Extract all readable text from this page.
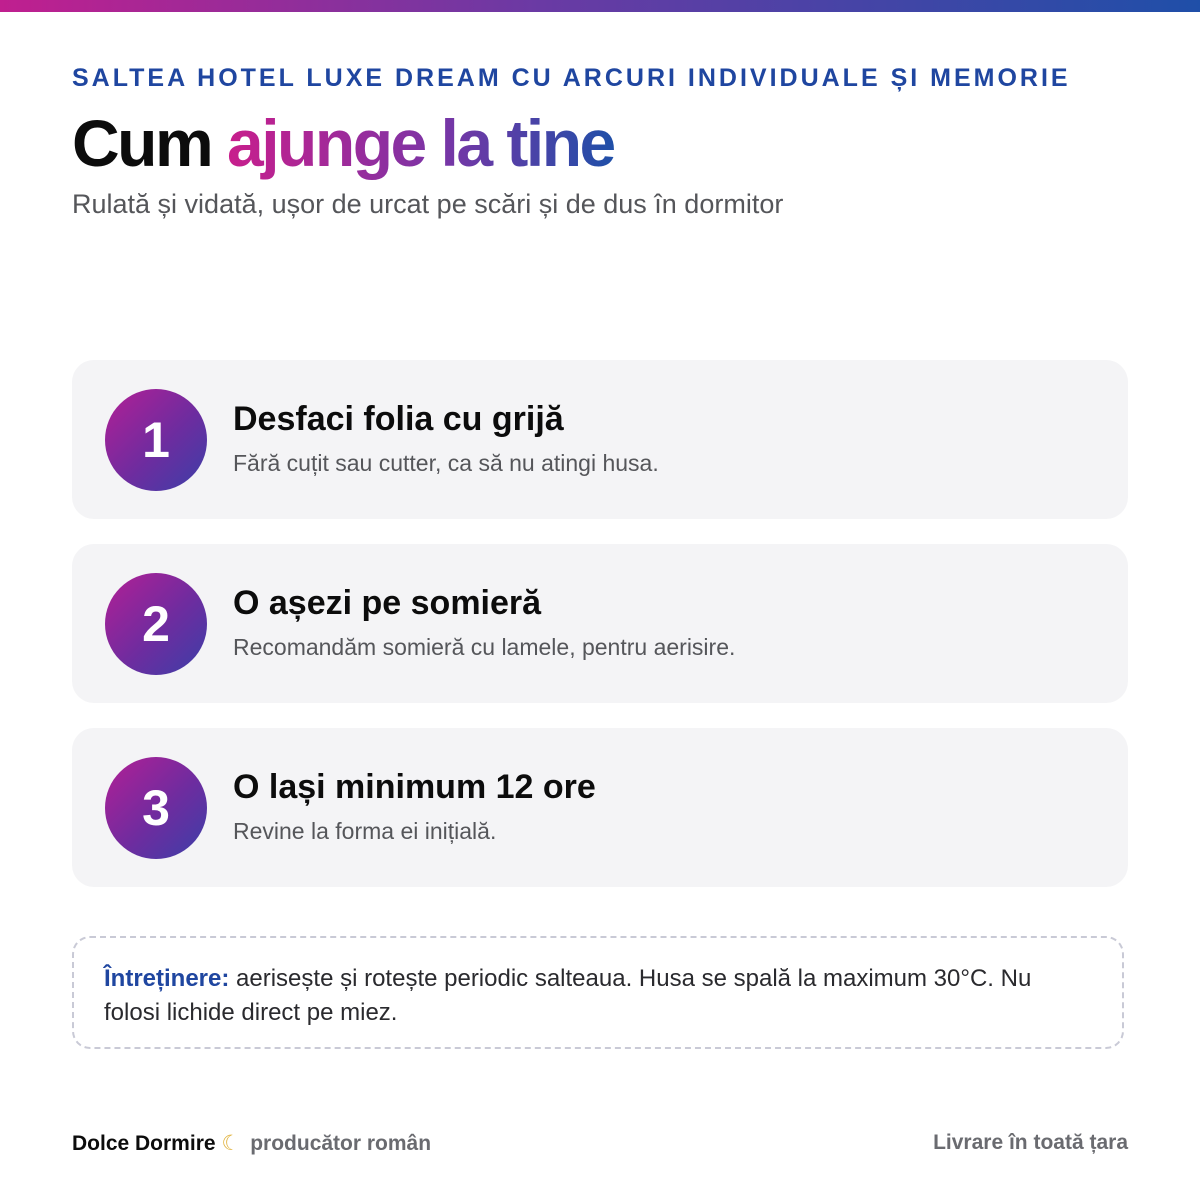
SALTEA HOTEL LUXE DREAM CU ARCURI INDIVIDUALE ȘI MEMORIE
Cum ajunge la tine
Rulată și vidată, ușor de urcat pe scări și de dus în dormitor
1 Desfaci folia cu grijă
Fără cuțit sau cutter, ca să nu atingi husa.
2 O așezi pe somieră
Recomandăm somieră cu lamele, pentru aerisire.
3 O lași minimum 12 ore
Revine la forma ei inițială.
Întreținere: aerisește și rotește periodic salteaua. Husa se spală la maximum 30°C. Nu folosi lichide direct pe miez.
Dolce Dormire ☾ producător român	Livrare în toată țara
